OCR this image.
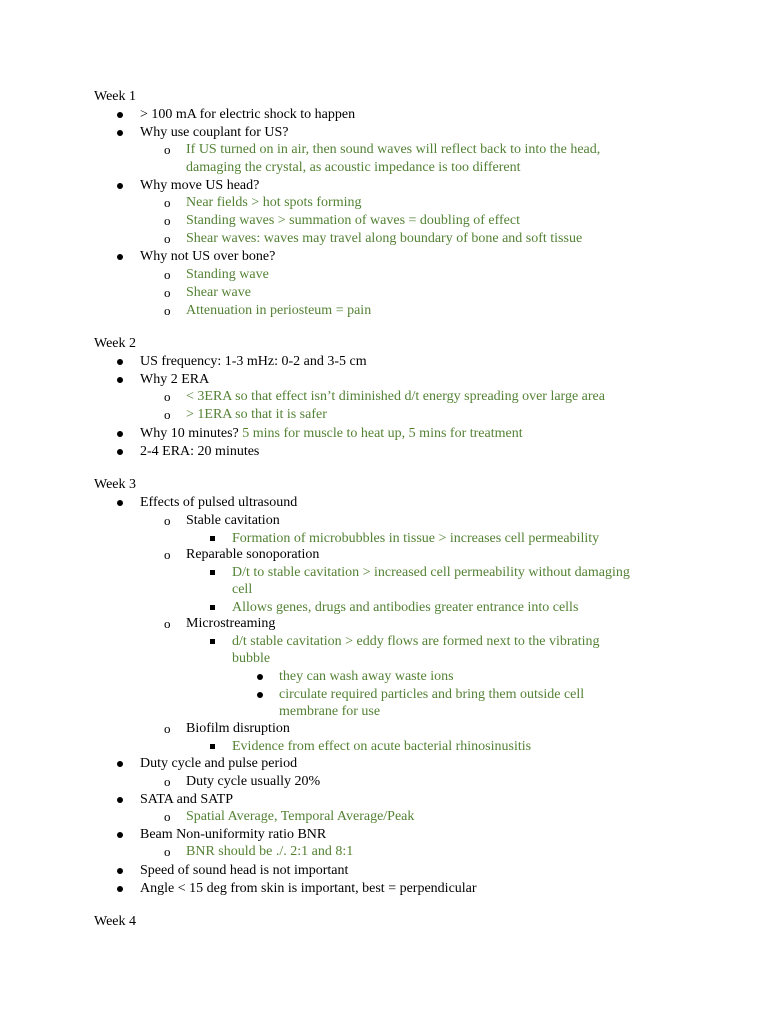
Week 1
> 100 mA for electric shock to happen
Why use couplant for US?
o If US turned on in air, then sound waves will reflect back to into the head,
damaging the crystal, as acoustic impedance is too different
Why move US head?
o Near fields > hot spots forming
o Standing waves > summation of waves = doubling of effect
o Shear waves: waves may travel along boundary of bone and soft tissue
Why not US over bone?
o Standing wave
o Shear wave
o Attenuation in periosteum = pain
Week 2
US frequency: 1-3 mHz: 0-2 and 3-5 cm
Why 2 ERA
o < 3ERA so that effect isn’t diminished d/t energy spreading over large area
o > 1ERA so that it is safer
Why 10 minutes? 5 mins for muscle to heat up, 5 mins for treatment
2-4 ERA: 20 minutes
Week 3
Effects of pulsed ultrasound
o Stable cavitation
Formation of microbubbles in tissue > increases cell permeability
o Reparable sonoporation
D/t to stable cavitation > increased cell permeability without damaging
cell
Allows genes, drugs and antibodies greater entrance into cells
o Microstreaming
d/t stable cavitation > eddy flows are formed next to the vibrating
bubble
they can wash away waste ions
circulate required particles and bring them outside cell
membrane for use
o Biofilm disruption
Evidence from effect on acute bacterial rhinosinusitis
Duty cycle and pulse period
o Duty cycle usually 20%
SATA and SATP
o Spatial Average, Temporal Average/Peak
Beam Non-uniformity ratio BNR
o BNR should be ./. 2:1 and 8:1
Speed of sound head is not important
Angle < 15 deg from skin is important, best = perpendicular
Week 4
